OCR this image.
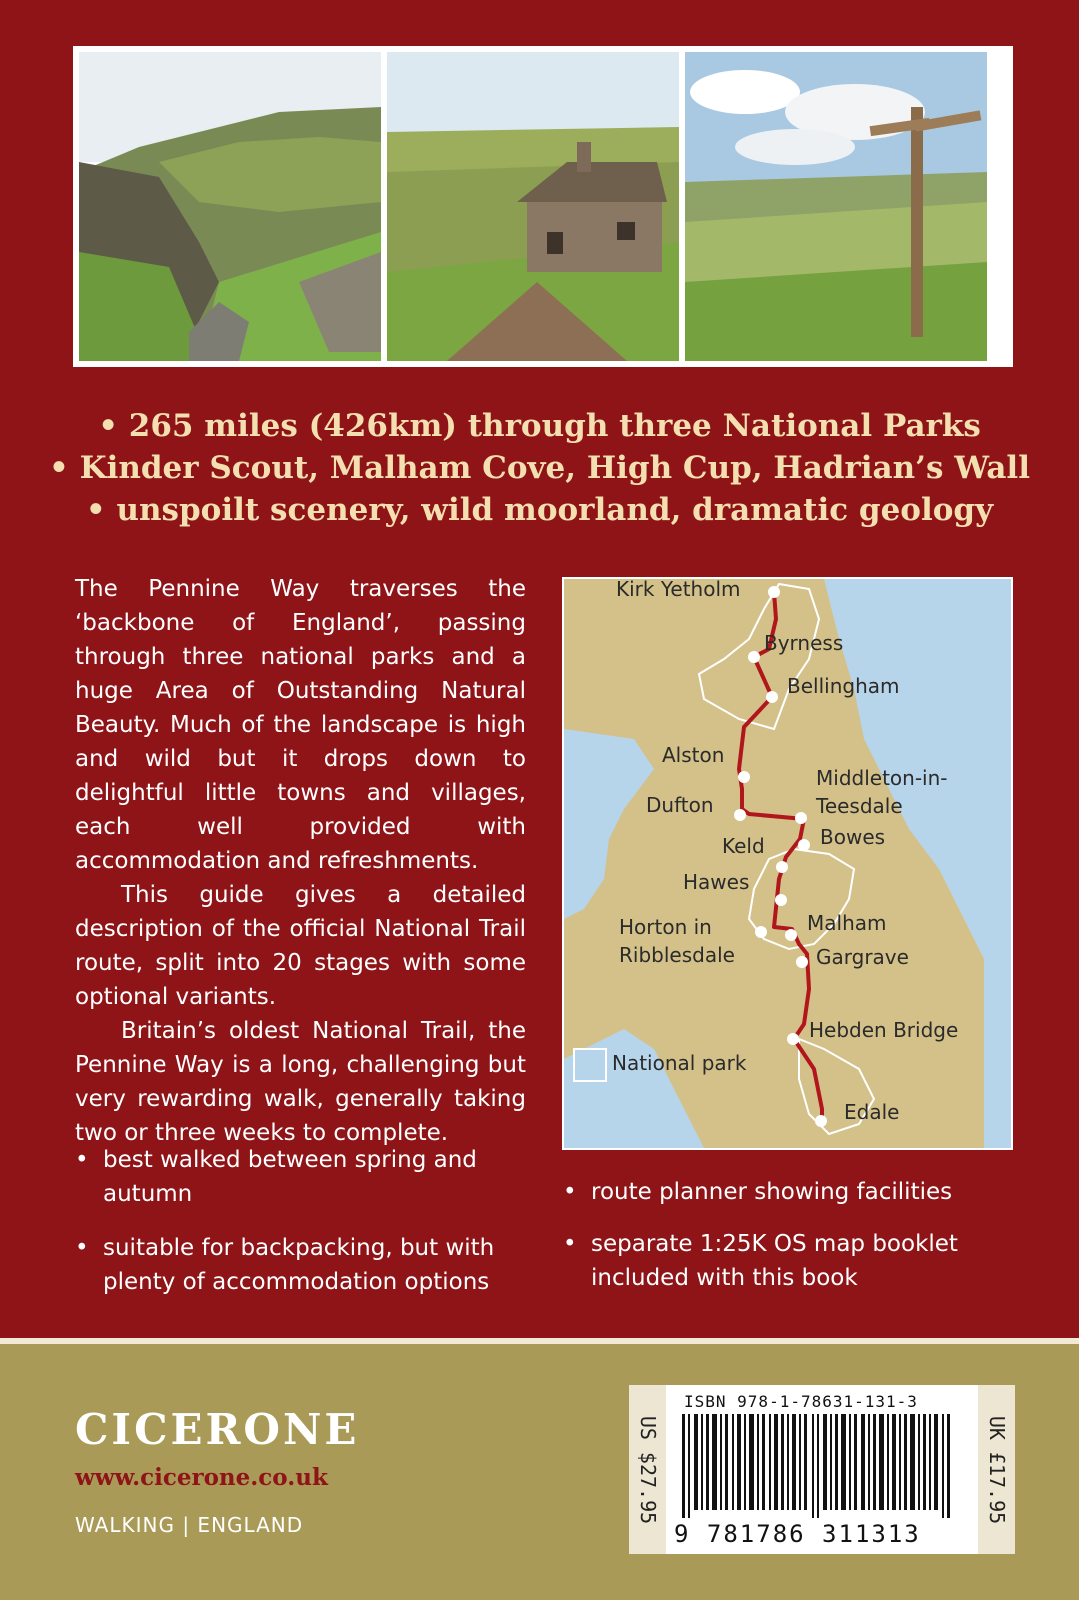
• 265 miles (426km) through three National Parks
• Kinder Scout, Malham Cove, High Cup, Hadrian’s Wall
• unspoilt scenery, wild moorland, dramatic geology

The Pennine Way traverses the ‘backbone of England’, passing through three national parks and a huge Area of Outstanding Natural Beauty. Much of the landscape is high and wild but it drops down to delightful little towns and villages, each well provided with accommodation and refreshments.

This guide gives a detailed description of the official National Trail route, split into 20 stages with some optional variants.

Britain’s oldest National Trail, the Pennine Way is a long, challenging but very rewarding walk, generally taking two or three weeks to complete.

• best walked between spring and
autumn
• suitable for backpacking, but with
plenty of accommodation options
• route planner showing facilities
• separate 1:25K OS map booklet
included with this book
Kirk Yetholm
Byrness
Bellingham
Alston
Middleton-in-
Teesdale
Dufton
Bowes
Keld
Hawes
Horton in
Ribblesdale
Malham
Gargrave
Hebden Bridge
National park
Edale
CICERONE
www.cicerone.co.uk
WALKING | ENGLAND
US $27.95	UK £17.95
ISBN 978-1-78631-131-3
9 781786 311313
